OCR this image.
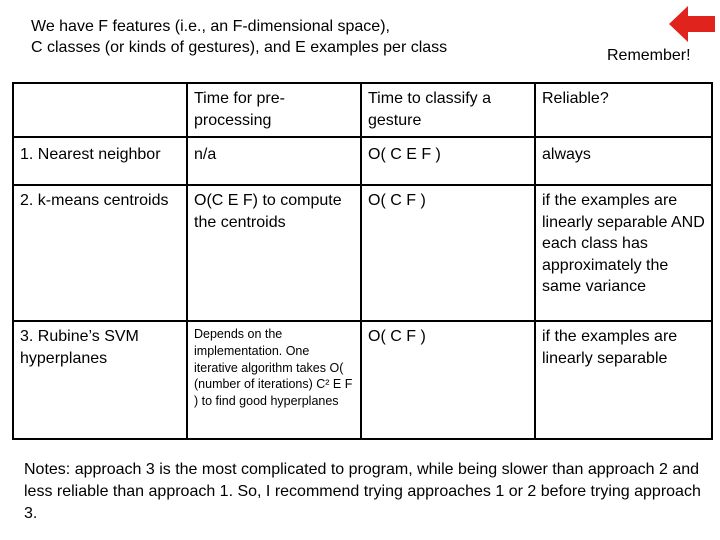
We have F features (i.e., an F-dimensional space),
C classes (or kinds of gestures), and E examples per class	Remember!
	Time for pre-processing	Time to classify a gesture	Reliable?
1. Nearest neighbor	n/a	O( C E F )	always
2. k-means centroids	O(C E F) to compute the centroids	O( C F )	if the examples are linearly separable AND each class has approximately the same variance
3. Rubine’s SVM hyperplanes	Depends on the implementation. One iterative algorithm takes O( (number of iterations) C² E F ) to find good hyperplanes	O( C F )	if the examples are linearly separable
Notes: approach 3 is the most complicated to program, while being slower than approach 2 and less reliable than approach 1. So, I recommend trying approaches 1 or 2 before trying approach 3.
